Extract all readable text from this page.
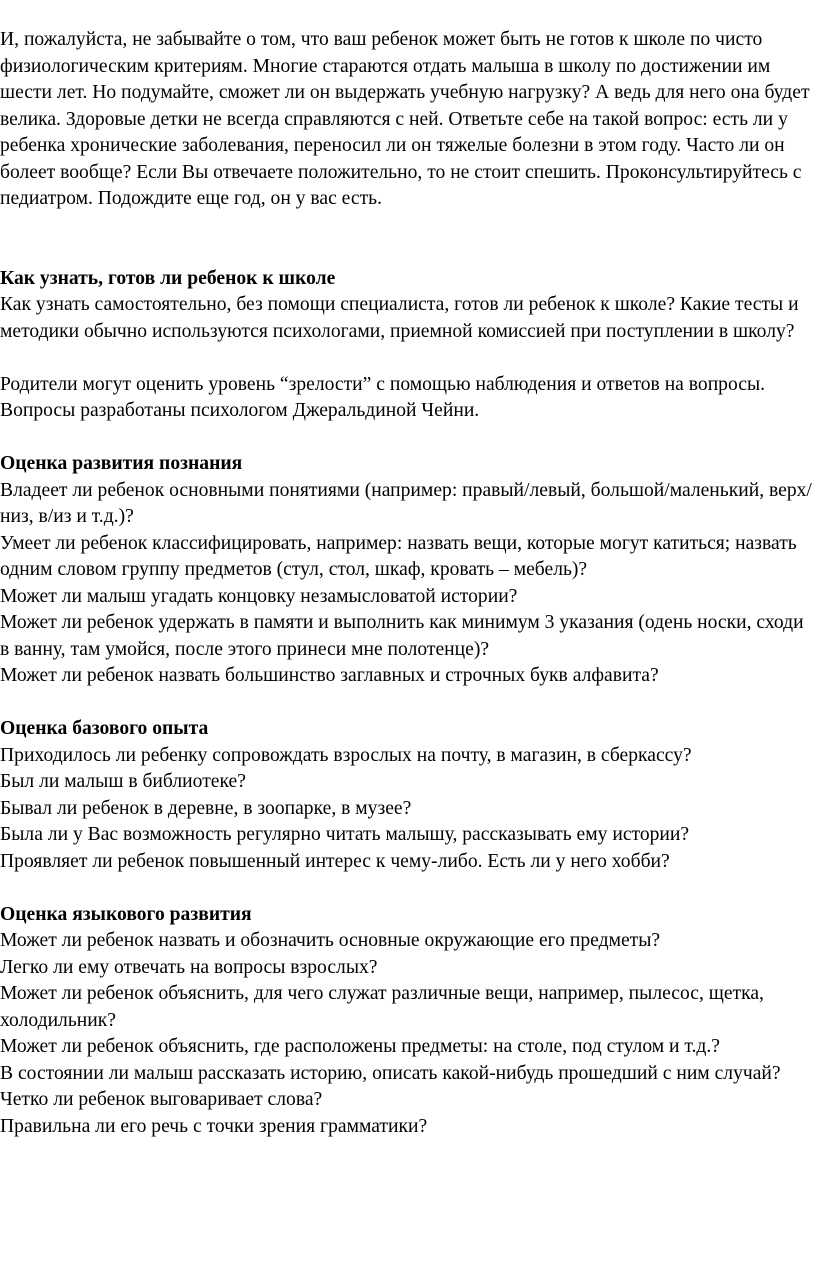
И, пожалуйста, не забывайте о том, что ваш ребенок может быть не готов к школе по чисто физиологическим критериям. Многие стараются отдать малыша в школу по достижении им шести лет. Но подумайте, сможет ли он выдержать учебную нагрузку? А ведь для него она будет велика. Здоровые детки не всегда справляются с ней. Ответьте себе на такой вопрос: есть ли у ребенка хронические заболевания, переносил ли он тяжелые болезни в этом году. Часто ли он болеет вообще? Если Вы отвечаете положительно, то не стоит спешить. Проконсультируйтесь с педиатром. Подождите еще год, он у вас есть.

Как узнать, готов ли ребенок к школе

Как узнать самостоятельно, без помощи специалиста, готов ли ребенок к школе? Какие тесты и методики обычно используются психологами, приемной комиссией при поступлении в школу?

Родители могут оценить уровень “зрелости” с помощью наблюдения и ответов на вопросы. Вопросы разработаны психологом Джеральдиной Чейни.

Оценка развития познания

Владеет ли ребенок основными понятиями (например: правый/левый, большой/маленький, верх/низ, в/из и т.д.)?
Умеет ли ребенок классифицировать, например: назвать вещи, которые могут катиться; назвать одним словом группу предметов (стул, стол, шкаф, кровать – мебель)?
Может ли малыш угадать концовку незамысловатой истории?
Может ли ребенок удержать в памяти и выполнить как минимум 3 указания (одень носки, сходи в ванну, там умойся, после этого принеси мне полотенце)?
Может ли ребенок назвать большинство заглавных и строчных букв алфавита?

Оценка базового опыта

Приходилось ли ребенку сопровождать взрослых на почту, в магазин, в сберкассу?
Был ли малыш в библиотеке?
Бывал ли ребенок в деревне, в зоопарке, в музее?
Была ли у Вас возможность регулярно читать малышу, рассказывать ему истории?
Проявляет ли ребенок повышенный интерес к чему-либо. Есть ли у него хобби?

Оценка языкового развития

Может ли ребенок назвать и обозначить основные окружающие его предметы?
Легко ли ему отвечать на вопросы взрослых?
Может ли ребенок объяснить, для чего служат различные вещи, например, пылесос, щетка, холодильник?
Может ли ребенок объяснить, где расположены предметы: на столе, под стулом и т.д.?
В состоянии ли малыш рассказать историю, описать какой-нибудь прошедший с ним случай?
Четко ли ребенок выговаривает слова?
Правильна ли его речь с точки зрения грамматики?
